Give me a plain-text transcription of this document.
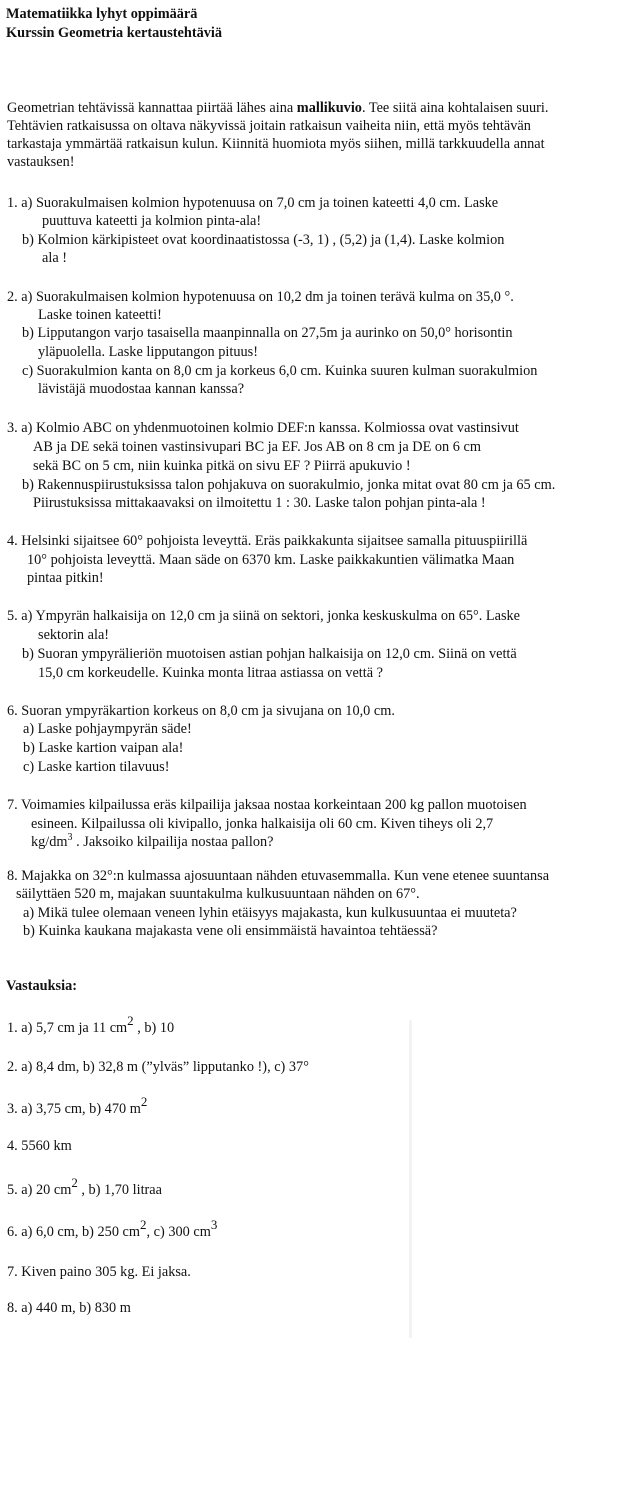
Matematiikka lyhyt oppimäärä
Kurssin Geometria kertaustehtäviä
Geometrian tehtävissä kannattaa piirtää lähes aina mallikuvio. Tee siitä aina kohtalaisen suuri.
Tehtävien ratkaisussa on oltava näkyvissä joitain ratkaisun vaiheita niin, että myös tehtävän
tarkastaja ymmärtää ratkaisun kulun. Kiinnitä huomiota myös siihen, millä tarkkuudella annat
vastauksen!
1. a) Suorakulmaisen kolmion hypotenuusa on 7,0 cm ja toinen kateetti 4,0 cm. Laske
puuttuva kateetti ja kolmion pinta-ala!
b) Kolmion kärkipisteet ovat koordinaatistossa (-3, 1) , (5,2) ja (1,4). Laske kolmion
ala !
2. a) Suorakulmaisen kolmion hypotenuusa on 10,2 dm ja toinen terävä kulma on 35,0 °.
Laske toinen kateetti!
b) Lipputangon varjo tasaisella maanpinnalla on 27,5m ja aurinko on 50,0° horisontin
yläpuolella. Laske lipputangon pituus!
c) Suorakulmion kanta on 8,0 cm ja korkeus 6,0 cm. Kuinka suuren kulman suorakulmion
lävistäjä muodostaa kannan kanssa?
3. a) Kolmio ABC on yhdenmuotoinen kolmio DEF:n kanssa. Kolmiossa ovat vastinsivut
AB ja DE sekä toinen vastinsivupari BC ja EF. Jos AB on 8 cm ja DE on 6 cm
sekä BC on 5 cm, niin kuinka pitkä on sivu EF ? Piirrä apukuvio !
b) Rakennuspiirustuksissa talon pohjakuva on suorakulmio, jonka mitat ovat 80 cm ja 65 cm.
Piirustuksissa mittakaavaksi on ilmoitettu 1 : 30. Laske talon pohjan pinta-ala !
4. Helsinki sijaitsee 60° pohjoista leveyttä. Eräs paikkakunta sijaitsee samalla pituuspiirillä
10° pohjoista leveyttä. Maan säde on 6370 km. Laske paikkakuntien välimatka Maan
pintaa pitkin!
5. a) Ympyrän halkaisija on 12,0 cm ja siinä on sektori, jonka keskuskulma on 65°. Laske
sektorin ala!
b) Suoran ympyrälieriön muotoisen astian pohjan halkaisija on 12,0 cm. Siinä on vettä
15,0 cm korkeudelle. Kuinka monta litraa astiassa on vettä ?
6. Suoran ympyräkartion korkeus on 8,0 cm ja sivujana on 10,0 cm.
a) Laske pohjaympyrän säde!
b) Laske kartion vaipan ala!
c) Laske kartion tilavuus!
7. Voimamies kilpailussa eräs kilpailija jaksaa nostaa korkeintaan 200 kg pallon muotoisen
esineen. Kilpailussa oli kivipallo, jonka halkaisija oli 60 cm. Kiven tiheys oli 2,7
$kg/dm^3$ . Jaksoiko kilpailija nostaa pallon?
8. Majakka on 32°:n kulmassa ajosuuntaan nähden etuvasemmalla. Kun vene etenee suuntansa
säilyttäen 520 m, majakan suuntakulma kulkusuuntaan nähden on 67°.
a) Mikä tulee olemaan veneen lyhin etäisyys majakasta, kun kulkusuuntaa ei muuteta?
b) Kuinka kaukana majakasta vene oli ensimmäistä havaintoa tehtäessä?
Vastauksia:
1. a) 5,7 cm ja 11 $cm^2$ , b) 10
2. a) 8,4 dm, b) 32,8 m (”ylväs” lipputanko !), c) 37°
3. a) 3,75 cm, b) 470 $m^2$
4. 5560 km
5. a) 20 $cm^2$ , b) 1,70 litraa
6. a) 6,0 cm, b) 250 $cm^2$, c) 300 $cm^3$
7. Kiven paino 305 kg. Ei jaksa.
8. a) 440 m, b) 830 m
